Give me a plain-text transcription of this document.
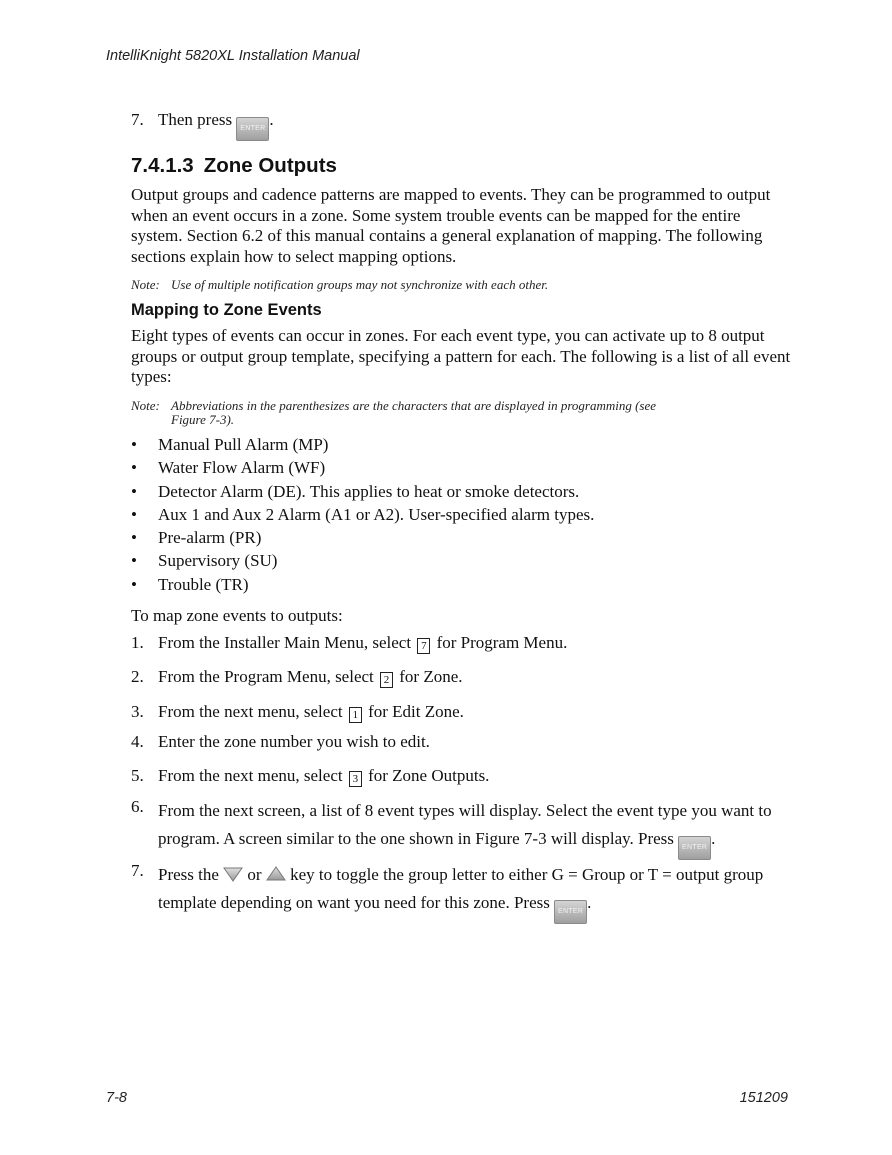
IntelliKnight 5820XL Installation Manual
7. Then press ENTER .
7.4.1.3 Zone Outputs
Output groups and cadence patterns are mapped to events. They can be programmed to output when an event occurs in a zone. Some system trouble events can be mapped for the entire system. Section 6.2 of this manual contains a general explanation of mapping. The following sections explain how to select mapping options.
Note: Use of multiple notification groups may not synchronize with each other.
Mapping to Zone Events
Eight types of events can occur in zones. For each event type, you can activate up to 8 output groups or output group template, specifying a pattern for each. The following is a list of all event types:
Note: Abbreviations in the parenthesizes are the characters that are displayed in programming (see
Figure 7-3).
• Manual Pull Alarm (MP)
• Water Flow Alarm (WF)
• Detector Alarm (DE). This applies to heat or smoke detectors.
• Aux 1 and Aux 2 Alarm (A1 or A2). User-specified alarm types.
• Pre-alarm (PR)
• Supervisory (SU)
• Trouble (TR)
To map zone events to outputs:
1. From the Installer Main Menu, select 7 for Program Menu.
2. From the Program Menu, select 2 for Zone.
3. From the next menu, select 1 for Edit Zone.
4. Enter the zone number you wish to edit.
5. From the next menu, select 3 for Zone Outputs.
6. From the next screen, a list of 8 event types will display. Select the event type you want to
program. A screen similar to the one shown in Figure 7-3 will display. Press ENTER .
7. Press the or key to toggle the group letter to either G = Group or T = output group
template depending on want you need for this zone. Press ENTER .
7-8	151209
